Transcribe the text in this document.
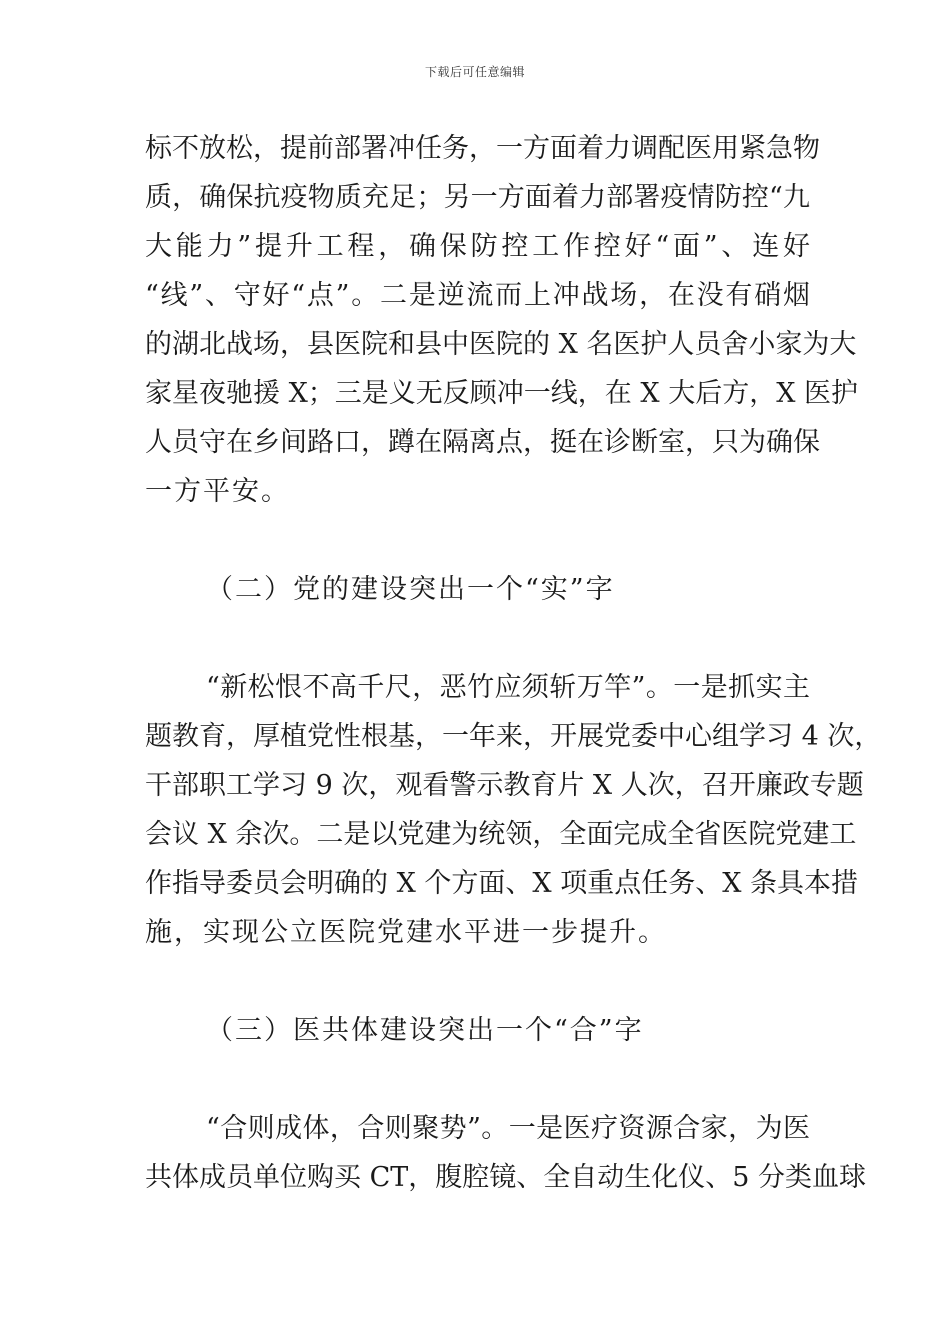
下载后可任意编辑
标不放松，提前部署冲任务，一方面着力调配医用紧急物
质，确保抗疫物质充足；另一方面着力部署疫情防控“九
大能力”提升工程，确保防控工作控好“面”、连好
“线”、守好“点”。二是逆流而上冲战场，在没有硝烟
的湖北战场，县医院和县中医院的 X 名医护人员舍小家为大
家星夜驰援 X；三是义无反顾冲一线，在 X 大后方，X 医护
人员守在乡间路口，蹲在隔离点，挺在诊断室，只为确保
一方平安。
（二）党的建设突出一个“实”字
“新松恨不高千尺，恶竹应须斩万竿”。一是抓实主
题教育，厚植党性根基，一年来，开展党委中心组学习 4 次，
干部职工学习 9 次，观看警示教育片 X 人次，召开廉政专题
会议 X 余次。二是以党建为统领，全面完成全省医院党建工
作指导委员会明确的 X 个方面、X 项重点任务、X 条具本措
施，实现公立医院党建水平进一步提升。
（三）医共体建设突出一个“合”字
“合则成体，合则聚势”。一是医疗资源合家，为医
共体成员单位购买 CT，腹腔镜、全自动生化仪、5 分类血球
